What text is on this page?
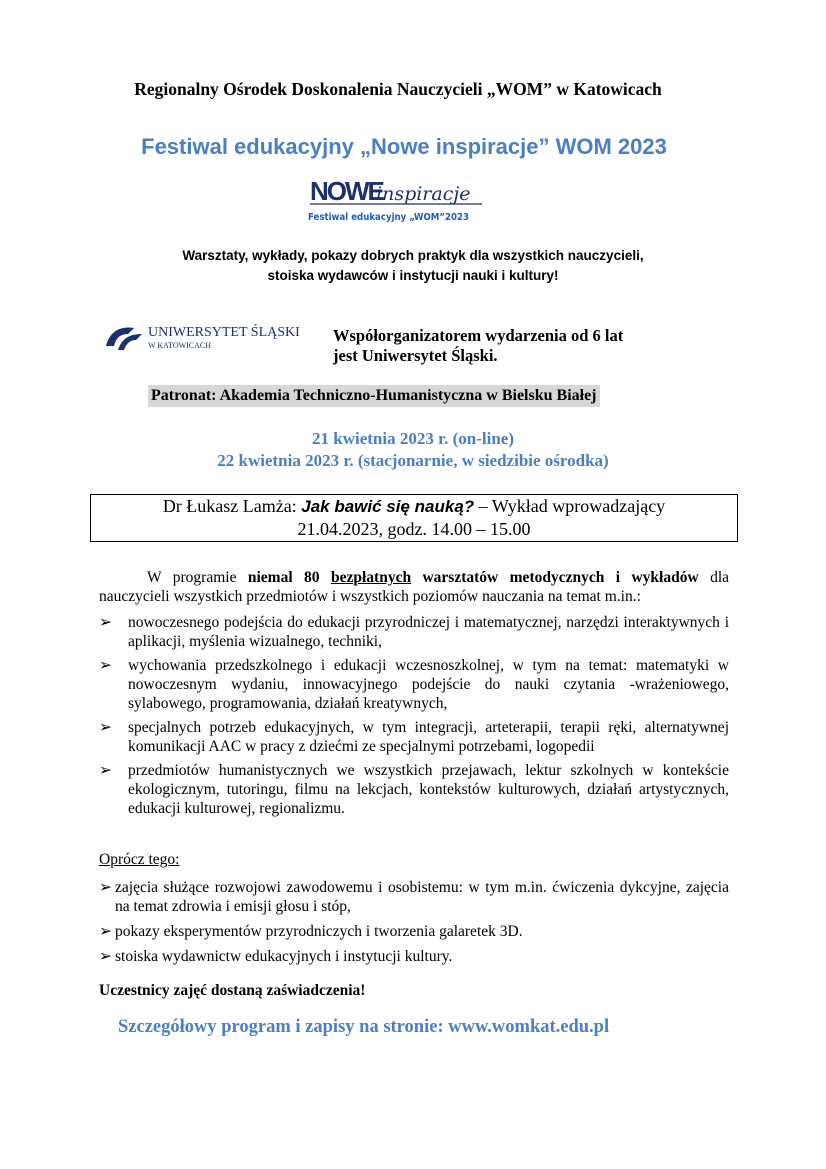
Regionalny Ośrodek Doskonalenia Nauczycieli „WOM” w Katowicach
Festiwal edukacyjny „Nowe inspiracje” WOM 2023
NOWE
inspiracje
Festiwal edukacyjny „WOM”2023
Warsztaty, wykłady, pokazy dobrych praktyk dla wszystkich nauczycieli,
stoiska wydawców i instytucji nauki i kultury!
UNIWERSYTET ŚLĄSKI
W KATOWICACH
Współorganizatorem wydarzenia od 6 lat
jest Uniwersytet Śląski.
Patronat: Akademia Techniczno-Humanistyczna w Bielsku Białej
21 kwietnia 2023 r. (on-line)
22 kwietnia 2023 r. (stacjonarnie, w siedzibie ośrodka)
Dr Łukasz Lamża: Jak bawić się nauką? – Wykład wprowadzający
21.04.2023, godz. 14.00 – 15.00
W programie niemal 80 bezpłatnych warsztatów metodycznych i wykładów dla nauczycieli wszystkich przedmiotów i wszystkich poziomów nauczania na temat m.in.:
➢ nowoczesnego podejścia do edukacji przyrodniczej i matematycznej, narzędzi interaktywnych i aplikacji, myślenia wizualnego, techniki,
➢ wychowania przedszkolnego i edukacji wczesnoszkolnej, w tym na temat: matematyki w nowoczesnym wydaniu, innowacyjnego podejście do nauki czytania -wrażeniowego, sylabowego, programowania, działań kreatywnych,
➢ specjalnych potrzeb edukacyjnych, w tym integracji, arteterapii, terapii ręki, alternatywnej komunikacji AAC w pracy z dziećmi ze specjalnymi potrzebami, logopedii
➢ przedmiotów humanistycznych we wszystkich przejawach, lektur szkolnych w kontekście ekologicznym, tutoringu, filmu na lekcjach, kontekstów kulturowych, działań artystycznych, edukacji kulturowej, regionalizmu.
Oprócz tego:
➢ zajęcia służące rozwojowi zawodowemu i osobistemu: w tym m.in. ćwiczenia dykcyjne, zajęcia na temat zdrowia i emisji głosu i stóp,
➢ pokazy eksperymentów przyrodniczych i tworzenia galaretek 3D.
➢ stoiska wydawnictw edukacyjnych i instytucji kultury.
Uczestnicy zajęć dostaną zaświadczenia!
Szczegółowy program i zapisy na stronie: www.womkat.edu.pl
